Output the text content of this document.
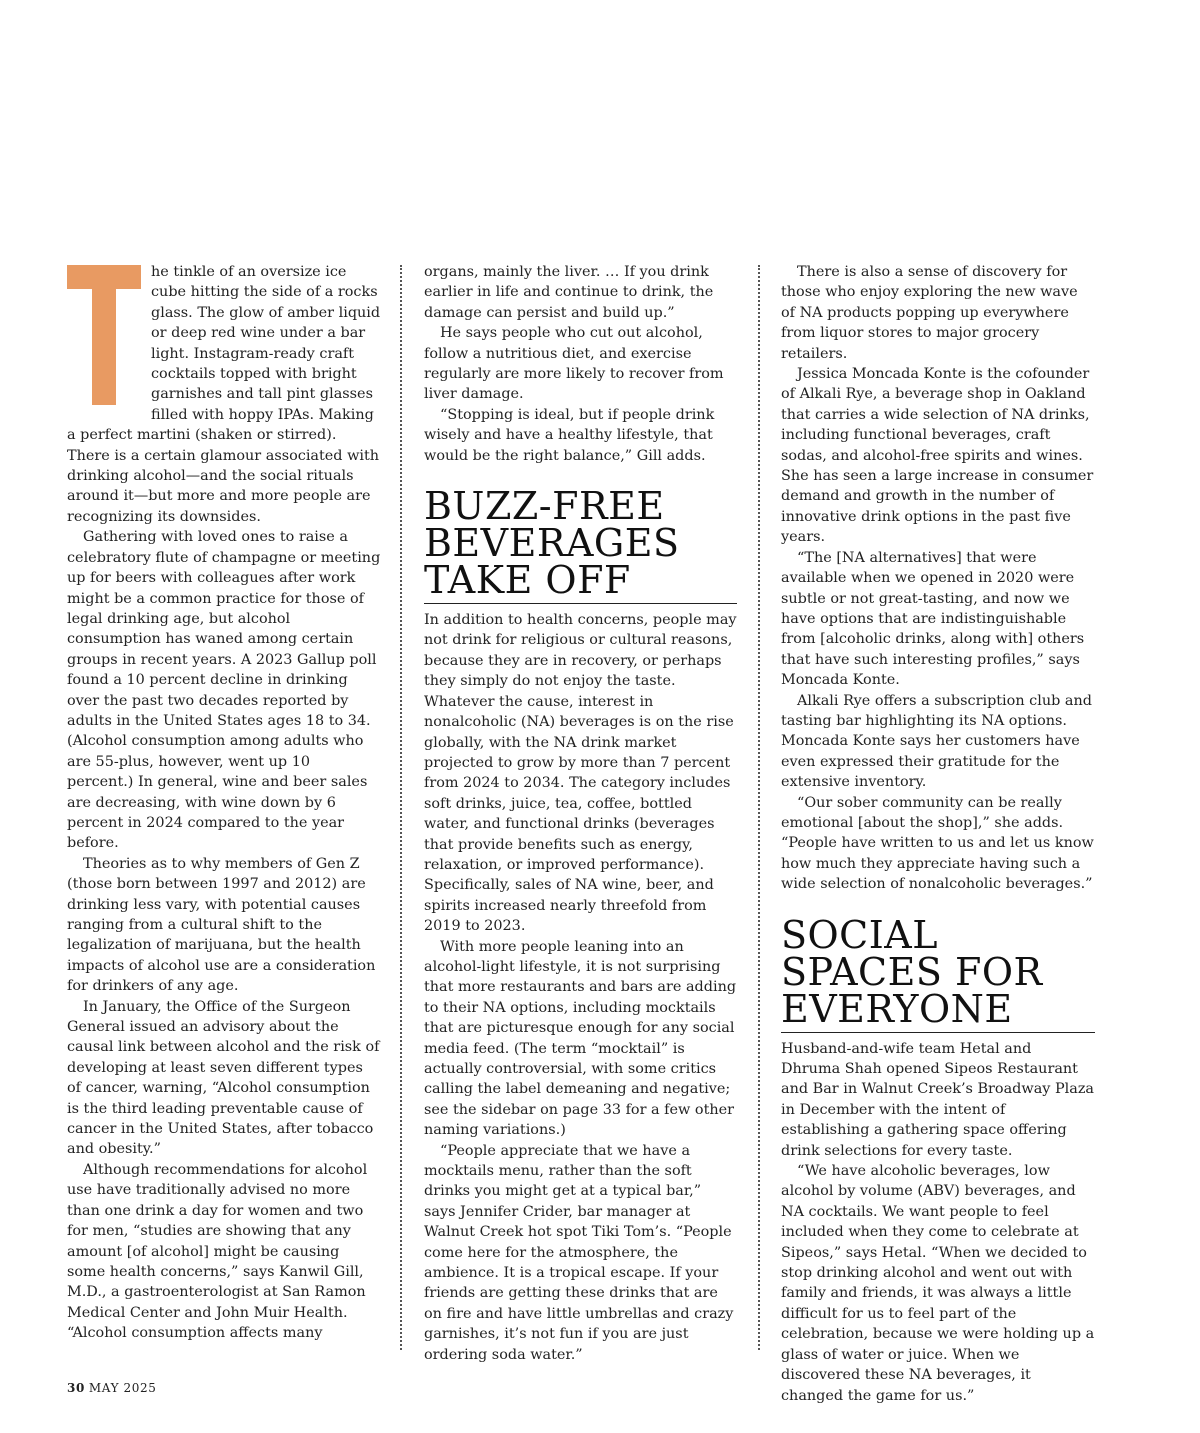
he tinkle of an oversize ice cube hitting the side of a rocks glass. The glow of amber liquid or deep red wine under a bar light. Instagram-ready craft cocktails topped with bright garnishes and tall pint glasses filled with hoppy IPAs. Making a perfect martini (shaken or stirred). There is a certain glamour associated with drinking alcohol—and the social rituals around it—but more and more people are recognizing its downsides.

Gathering with loved ones to raise a celebratory flute of champagne or meeting up for beers with colleagues after work might be a common practice for those of legal drinking age, but alcohol consumption has waned among certain groups in recent years. A 2023 Gallup poll found a 10 percent decline in drinking over the past two decades reported by adults in the United States ages 18 to 34. (Alcohol consumption among adults who are 55-plus, however, went up 10 percent.) In general, wine and beer sales are decreasing, with wine down by 6 percent in 2024 compared to the year before.

Theories as to why members of Gen Z (those born between 1997 and 2012) are drinking less vary, with potential causes ranging from a cultural shift to the legalization of marijuana, but the health impacts of alcohol use are a consideration for drinkers of any age.

In January, the Office of the Surgeon General issued an advisory about the causal link between alcohol and the risk of developing at least seven different types of cancer, warning, “Alcohol consumption is the third leading preventable cause of cancer in the United States, after tobacco and obesity.”

Although recommendations for alcohol use have traditionally advised no more than one drink a day for women and two for men, “studies are showing that any amount [of alcohol] might be causing some health concerns,” says Kanwil Gill, M.D., a gastroenterologist at San Ramon Medical Center and John Muir Health. “Alcohol consumption affects many

organs, mainly the liver. … If you drink earlier in life and continue to drink, the damage can persist and build up.”

He says people who cut out alcohol, follow a nutritious diet, and exercise regularly are more likely to recover from liver damage.

“Stopping is ideal, but if people drink wisely and have a healthy lifestyle, that would be the right balance,” Gill adds.

BUZZ-FREE BEVERAGES TAKE OFF

In addition to health concerns, people may not drink for religious or cultural reasons, because they are in recovery, or perhaps they simply do not enjoy the taste. Whatever the cause, interest in nonalcoholic (NA) beverages is on the rise globally, with the NA drink market projected to grow by more than 7 percent from 2024 to 2034. The category includes soft drinks, juice, tea, coffee, bottled water, and functional drinks (beverages that provide benefits such as energy, relaxation, or improved performance). Specifically, sales of NA wine, beer, and spirits increased nearly threefold from 2019 to 2023.

With more people leaning into an alcohol-light lifestyle, it is not surprising that more restaurants and bars are adding to their NA options, including mocktails that are picturesque enough for any social media feed. (The term “mocktail” is actually controversial, with some critics calling the label demeaning and negative; see the sidebar on page 33 for a few other naming variations.)

“People appreciate that we have a mocktails menu, rather than the soft drinks you might get at a typical bar,” says Jennifer Crider, bar manager at Walnut Creek hot spot Tiki Tom’s. “People come here for the atmosphere, the ambience. It is a tropical escape. If your friends are getting these drinks that are on fire and have little umbrellas and crazy garnishes, it’s not fun if you are just ordering soda water.”

There is also a sense of discovery for those who enjoy exploring the new wave of NA products popping up everywhere from liquor stores to major grocery retailers.

Jessica Moncada Konte is the cofounder of Alkali Rye, a beverage shop in Oakland that carries a wide selection of NA drinks, including functional beverages, craft sodas, and alcohol-free spirits and wines. She has seen a large increase in consumer demand and growth in the number of innovative drink options in the past five years.

“The [NA alternatives] that were available when we opened in 2020 were subtle or not great-tasting, and now we have options that are indistinguishable from [alcoholic drinks, along with] others that have such interesting profiles,” says Moncada Konte.

Alkali Rye offers a subscription club and tasting bar highlighting its NA options. Moncada Konte says her customers have even expressed their gratitude for the extensive inventory.

“Our sober community can be really emotional [about the shop],” she adds. “People have written to us and let us know how much they appreciate having such a wide selection of nonalcoholic beverages.”

SOCIAL SPACES FOR EVERYONE

Husband-and-wife team Hetal and Dhruma Shah opened Sipeos Restaurant and Bar in Walnut Creek’s Broadway Plaza in December with the intent of establishing a gathering space offering drink selections for every taste.

“We have alcoholic beverages, low alcohol by volume (ABV) beverages, and NA cocktails. We want people to feel included when they come to celebrate at Sipeos,” says Hetal. “When we decided to stop drinking alcohol and went out with family and friends, it was always a little difficult for us to feel part of the celebration, because we were holding up a glass of water or juice. When we discovered these NA beverages, it changed the game for us.”

30 MAY 2025
